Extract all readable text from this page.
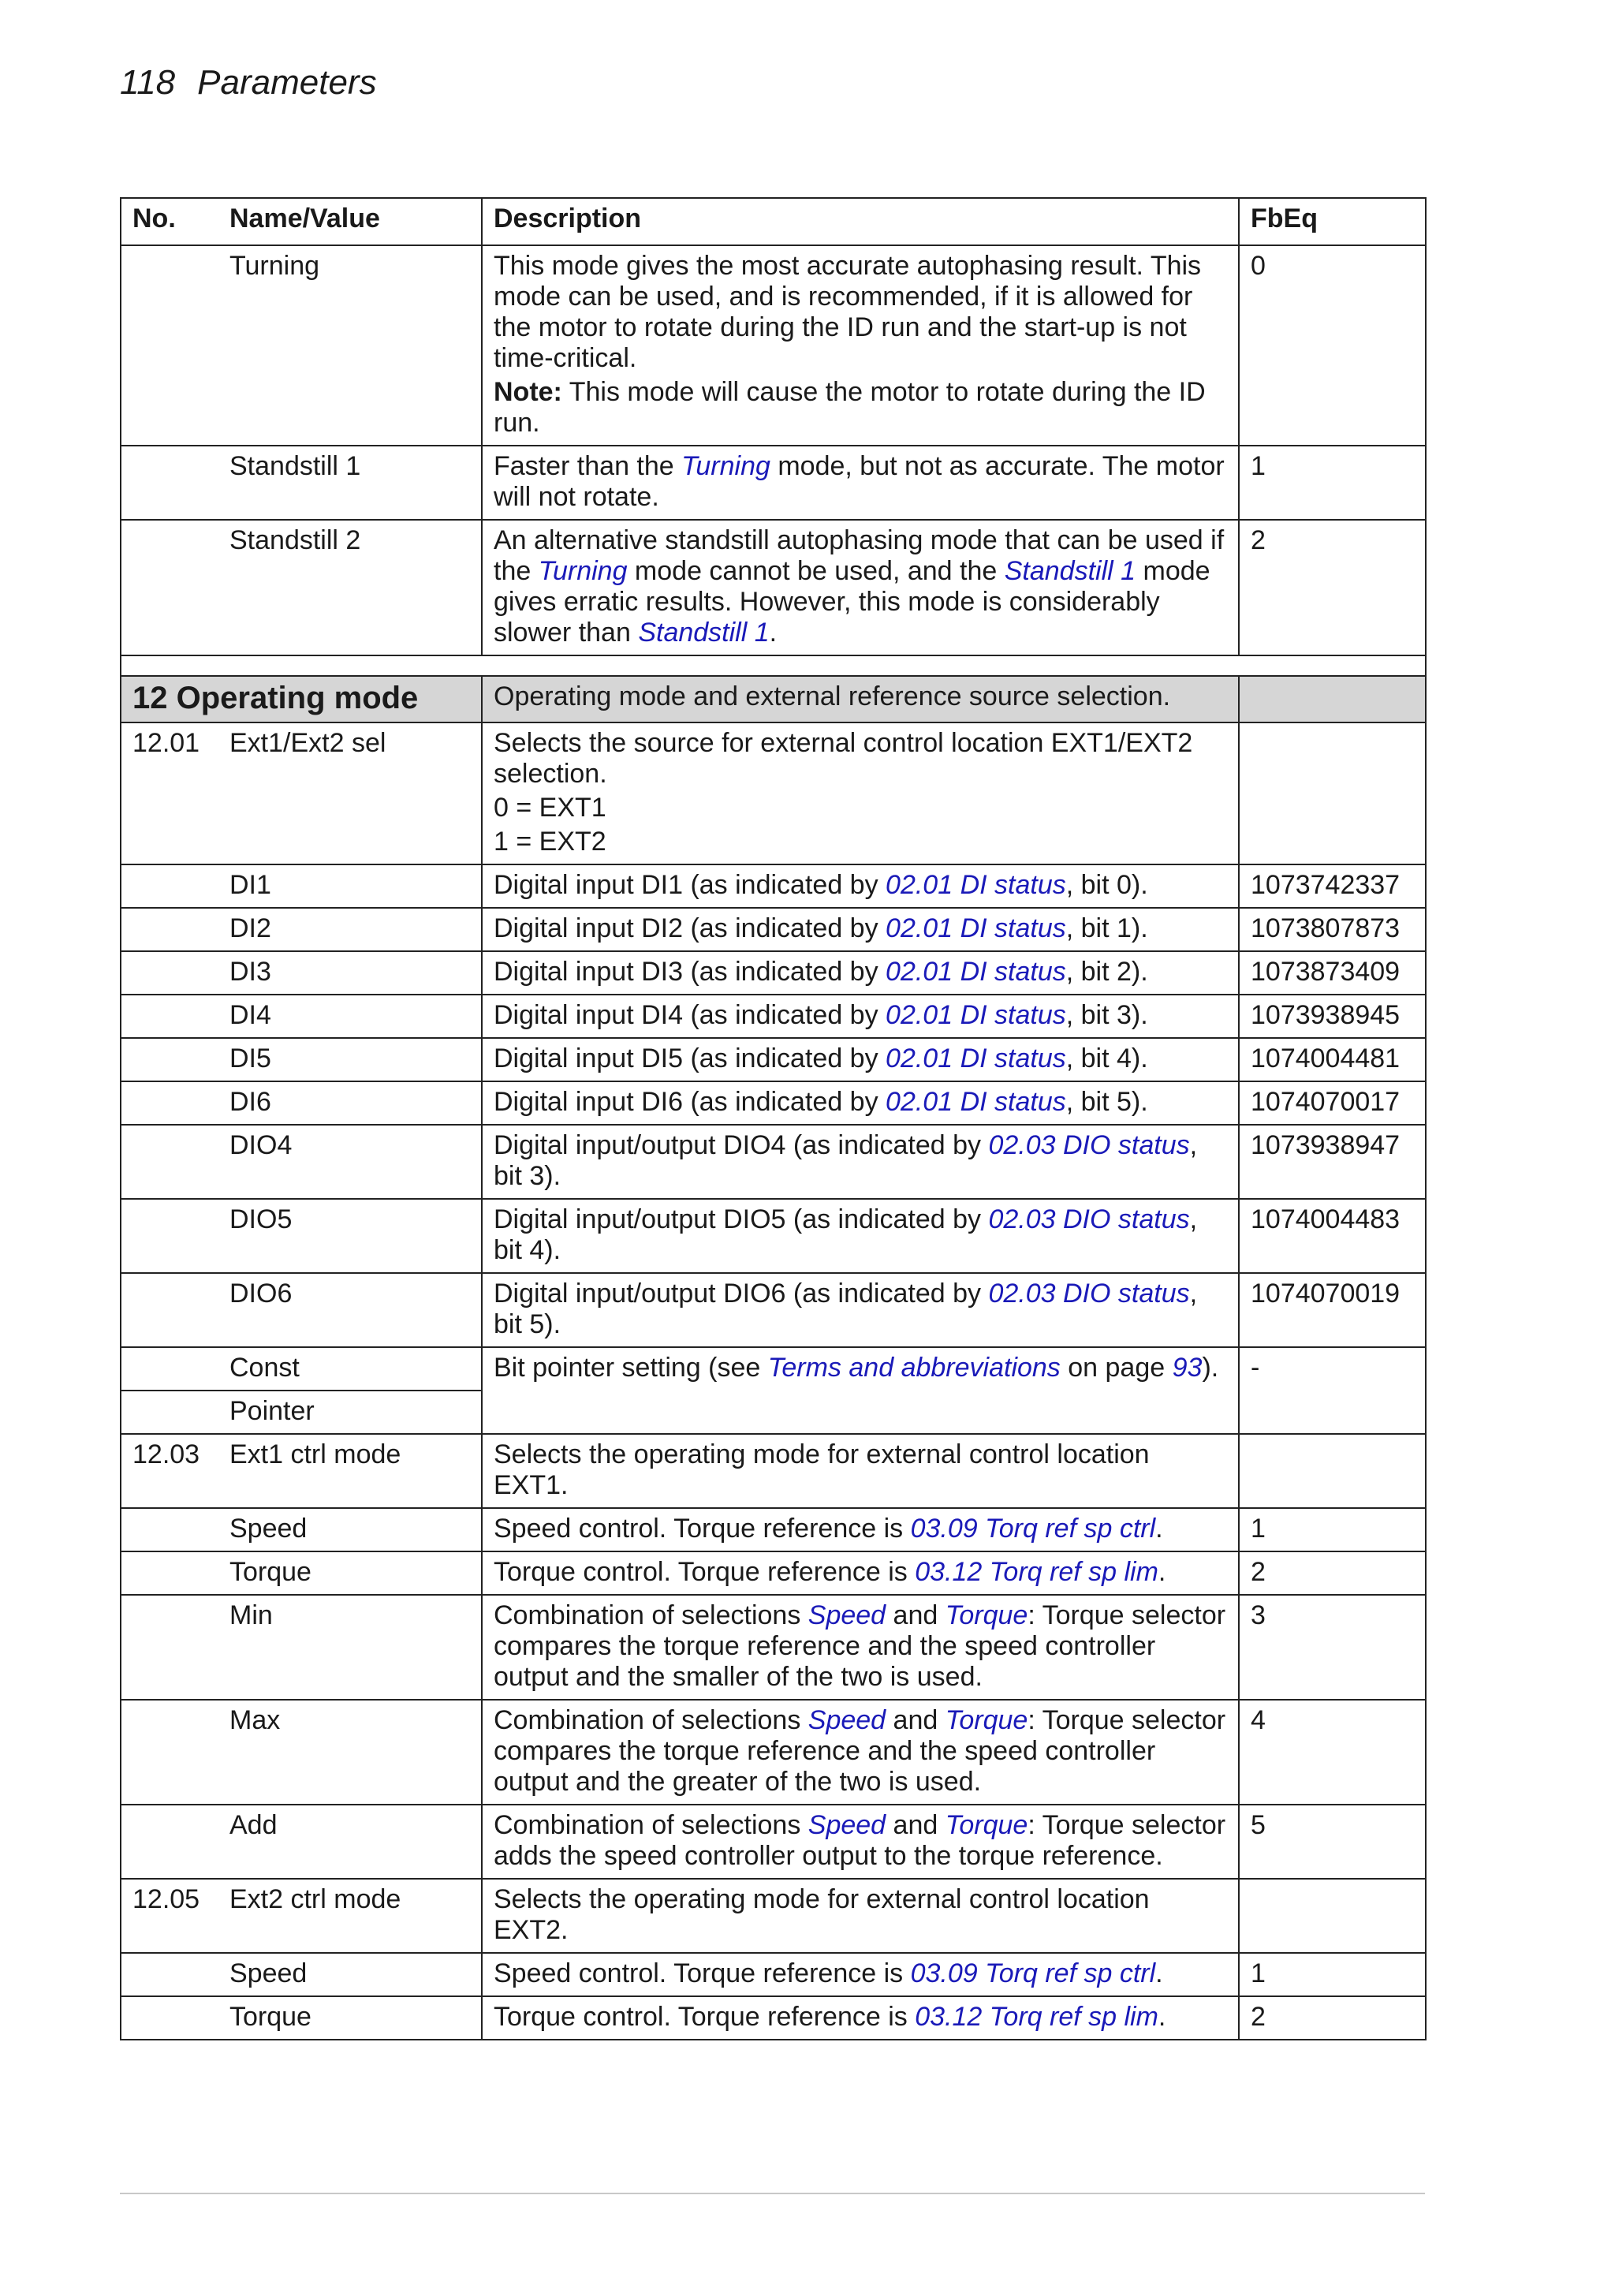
118 Parameters
No.	Name/Value	Description	FbEq
	Turning	This mode gives the most accurate autophasing result. This mode can be used, and is recommended, if it is allowed for the motor to rotate during the ID run and the start-up is not time-critical.

Note: This mode will cause the motor to rotate during the ID run.	0
	Standstill 1	Faster than the Turning mode, but not as accurate. The motor will not rotate.	1
	Standstill 2	An alternative standstill autophasing mode that can be used if the Turning mode cannot be used, and the Standstill 1 mode gives erratic results. However, this mode is considerably slower than Standstill 1.	2

12 Operating mode		Operating mode and external reference source selection.	
12.01	Ext1/Ext2 sel	Selects the source for external control location EXT1/EXT2 selection.

0 = EXT1

1 = EXT2	

	DI1	Digital input DI1 (as indicated by 02.01 DI status, bit 0).	1073742337
	DI2	Digital input DI2 (as indicated by 02.01 DI status, bit 1).	1073807873
	DI3	Digital input DI3 (as indicated by 02.01 DI status, bit 2).	1073873409
	DI4	Digital input DI4 (as indicated by 02.01 DI status, bit 3).	1073938945
	DI5	Digital input DI5 (as indicated by 02.01 DI status, bit 4).	1074004481
	DI6	Digital input DI6 (as indicated by 02.01 DI status, bit 5).	1074070017
	DIO4	Digital input/output DIO4 (as indicated by 02.03 DIO status, bit 3).	1073938947
	DIO5	Digital input/output DIO5 (as indicated by 02.03 DIO status, bit 4).	1074004483
	DIO6	Digital input/output DIO6 (as indicated by 02.03 DIO status, bit 5).	1074070019
	Const	Bit pointer setting (see Terms and abbreviations on page 93).	-
	Pointer		
12.03	Ext1 ctrl mode	Selects the operating mode for external control location EXT1.	
	Speed	Speed control. Torque reference is 03.09 Torq ref sp ctrl.	1
	Torque	Torque control. Torque reference is 03.12 Torq ref sp lim.	2
	Min	Combination of selections Speed and Torque: Torque selector compares the torque reference and the speed controller output and the smaller of the two is used.	3
	Max	Combination of selections Speed and Torque: Torque selector compares the torque reference and the speed controller output and the greater of the two is used.	4
	Add	Combination of selections Speed and Torque: Torque selector adds the speed controller output to the torque reference.	5
12.05	Ext2 ctrl mode	Selects the operating mode for external control location EXT2.	
	Speed	Speed control. Torque reference is 03.09 Torq ref sp ctrl.	1
	Torque	Torque control. Torque reference is 03.12 Torq ref sp lim.	2
